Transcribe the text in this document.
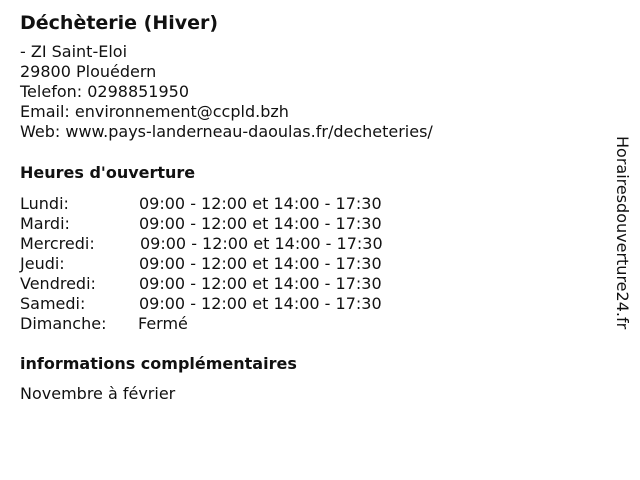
Déchèterie (Hiver)
- ZI Saint-Eloi
29800 Plouédern
Telefon: 0298851950
Email: environnement@ccpld.bzh
Web: www.pays-landerneau-daoulas.fr/decheteries/
Heures d'ouverture
Lundi:	09:00 - 12:00 et 14:00 - 17:30
Mardi:	09:00 - 12:00 et 14:00 - 17:30
Mercredi:	09:00 - 12:00 et 14:00 - 17:30
Jeudi:	09:00 - 12:00 et 14:00 - 17:30
Vendredi:	09:00 - 12:00 et 14:00 - 17:30
Samedi:	09:00 - 12:00 et 14:00 - 17:30
Dimanche: Fermé
informations complémentaires
Novembre à février
Horairesdouverture24.fr
